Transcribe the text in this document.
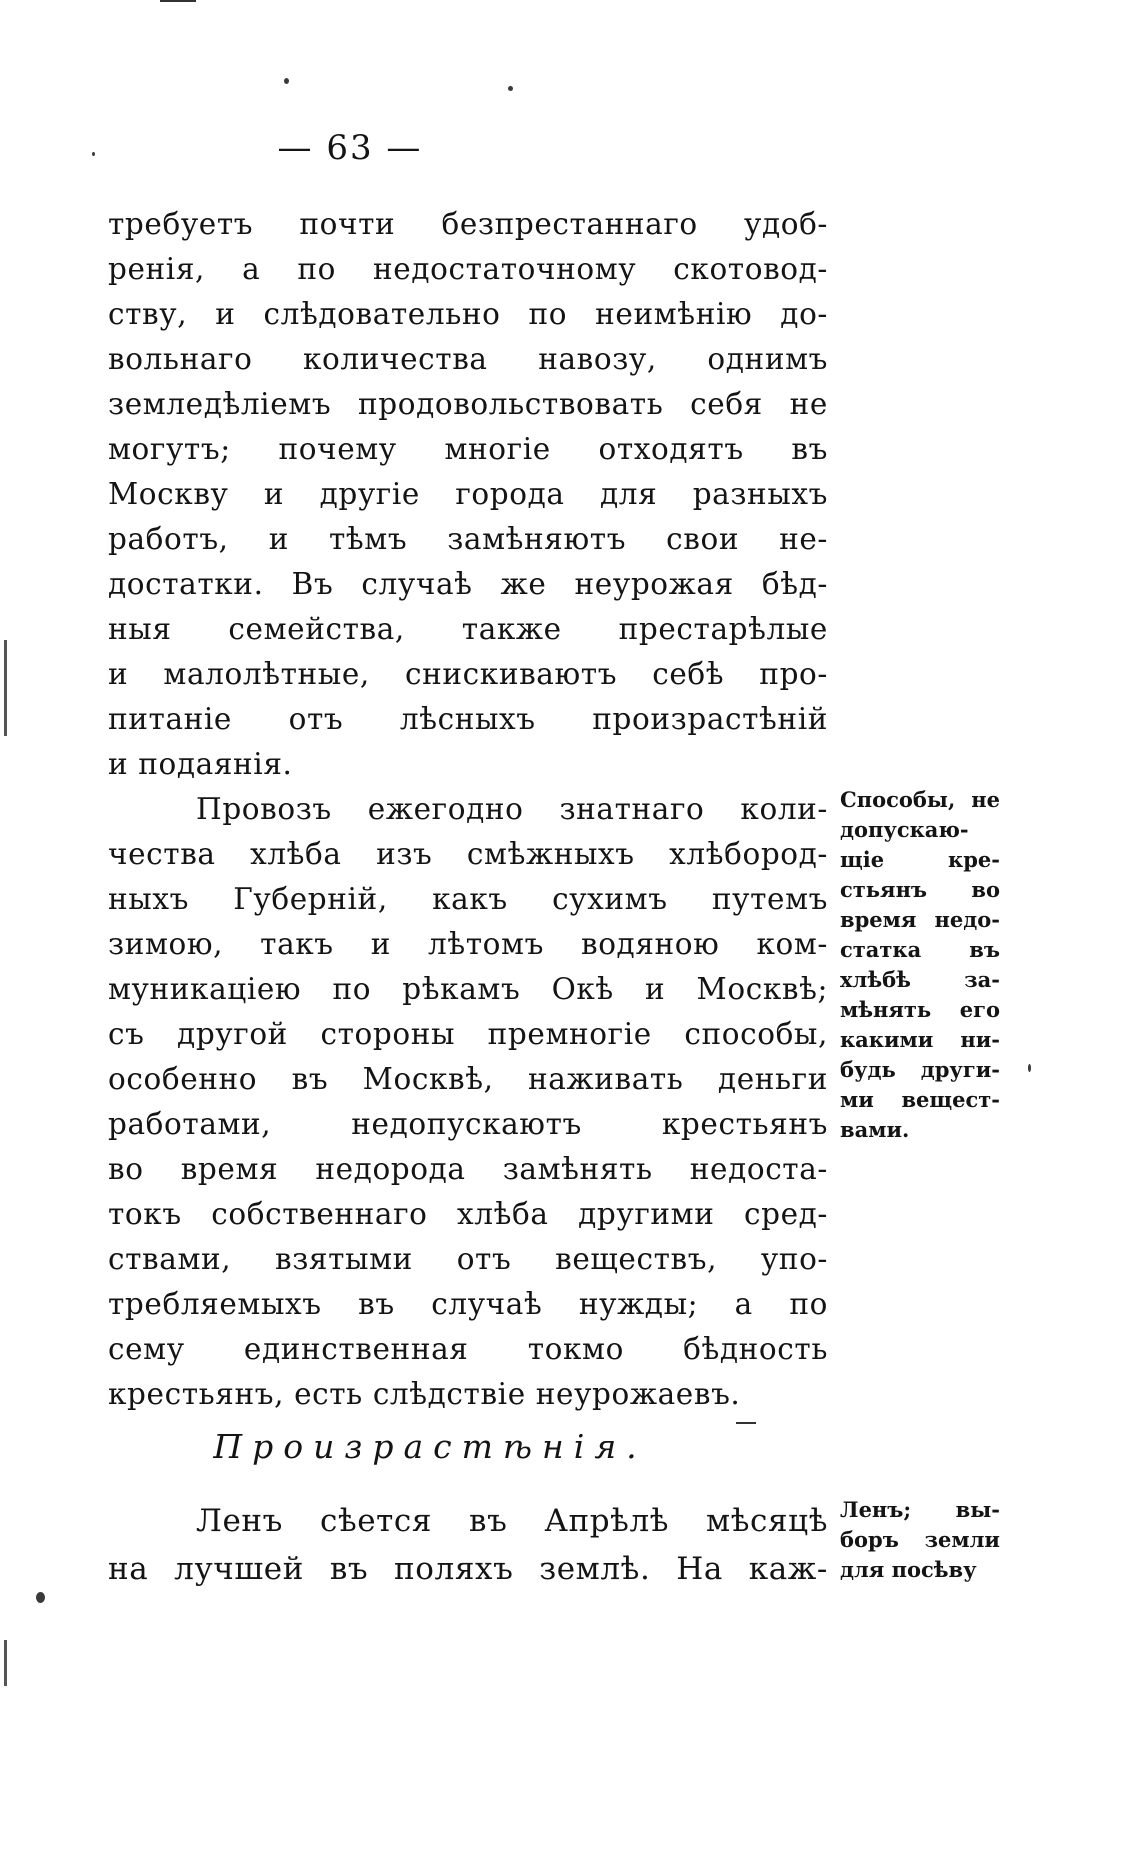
— 63 —
требуетъ почти безпрестаннаго удоб-
ренія, а по недостаточному скотовод-
ству, и слѣдовательно по неимѣнію до-
вольнаго количества навозу, однимъ
земледѣліемъ продовольствовать себя не
могутъ; почему многіе отходятъ въ
Москву и другіе города для разныхъ
работъ, и тѣмъ замѣняютъ свои не-
достатки. Въ случаѣ же неурожая бѣд-
ныя семейства, также престарѣлые
и малолѣтные, снискиваютъ себѣ про-
питаніе отъ лѣсныхъ произрастѣній
и подаянія.
Провозъ ежегодно знатнаго коли-
чества хлѣба изъ смѣжныхъ хлѣбород-
ныхъ Губерній, какъ сухимъ путемъ
зимою, такъ и лѣтомъ водяною ком-
муникаціею по рѣкамъ Окѣ и Москвѣ;
съ другой стороны премногіе способы,
особенно въ Москвѣ, наживать деньги
работами, недопускаютъ крестьянъ
во время недорода замѣнять недоста-
токъ собственнаго хлѣба другими сред-
ствами, взятыми отъ веществъ, упо-
требляемыхъ въ случаѣ нужды; а по
сему единственная токмо бѣдность
крестьянъ, есть слѣдствіе неурожаевъ.
Способы, не
допускаю-
щіе кре-
стьянъ во
время недо-
статка въ
хлѣбѣ за-
мѣнять его
какими ни-
будь други-
ми вещест-
вами.
Произрастѣнія.
Ленъ сѣется въ Апрѣлѣ мѣсяцѣ
на лучшей въ поляхъ землѣ. На каж-
Ленъ; вы-
боръ земли
для посѣву
